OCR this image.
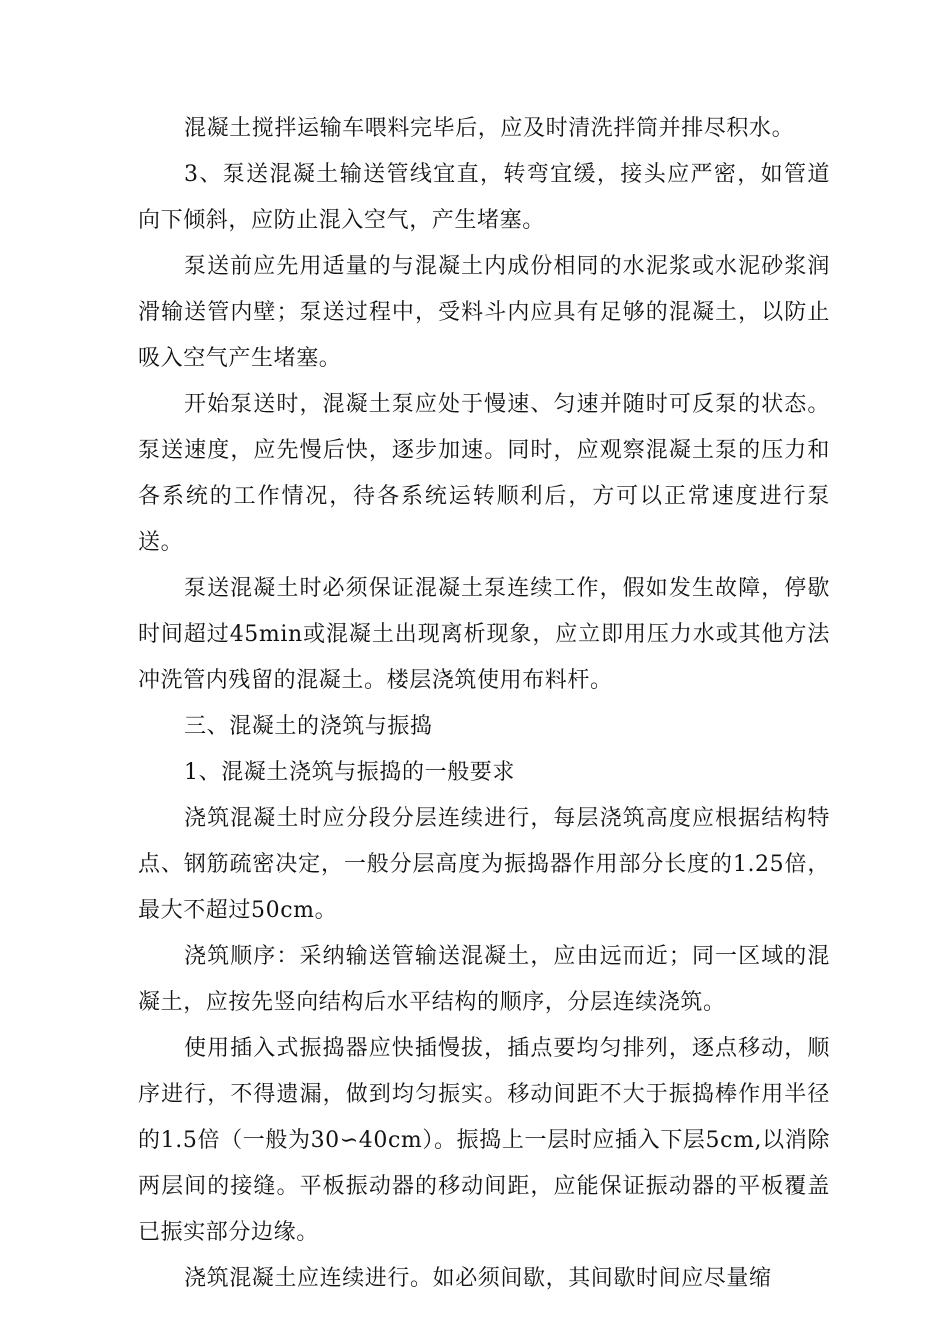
混凝土搅拌运输车喂料完毕后，应及时清洗拌筒并排尽积水。

3、泵送混凝土输送管线宜直，转弯宜缓，接头应严密，如管道向下倾斜，应防止混入空气，产生堵塞。

泵送前应先用适量的与混凝土内成份相同的水泥浆或水泥砂浆润滑输送管内壁；泵送过程中，受料斗内应具有足够的混凝土，以防止吸入空气产生堵塞。

开始泵送时，混凝土泵应处于慢速、匀速并随时可反泵的状态。泵送速度，应先慢后快，逐步加速。同时，应观察混凝土泵的压力和各系统的工作情况，待各系统运转顺利后，方可以正常速度进行泵送。

泵送混凝土时必须保证混凝土泵连续工作，假如发生故障，停歇时间超过45min或混凝土出现离析现象，应立即用压力水或其他方法冲洗管内残留的混凝土。楼层浇筑使用布料杆。

三、混凝土的浇筑与振捣

1、混凝土浇筑与振捣的一般要求

浇筑混凝土时应分段分层连续进行，每层浇筑高度应根据结构特点、钢筋疏密决定，一般分层高度为振捣器作用部分长度的1.25倍，最大不超过50cm。

浇筑顺序：采纳输送管输送混凝土，应由远而近；同一区域的混凝土，应按先竖向结构后水平结构的顺序，分层连续浇筑。

使用插入式振捣器应快插慢拔，插点要均匀排列，逐点移动，顺序进行，不得遗漏，做到均匀振实。移动间距不大于振捣棒作用半径的1.5倍（一般为30∽40cm）。振捣上一层时应插入下层5cm,以消除两层间的接缝。平板振动器的移动间距，应能保证振动器的平板覆盖已振实部分边缘。

浇筑混凝土应连续进行。如必须间歇，其间歇时间应尽量缩
